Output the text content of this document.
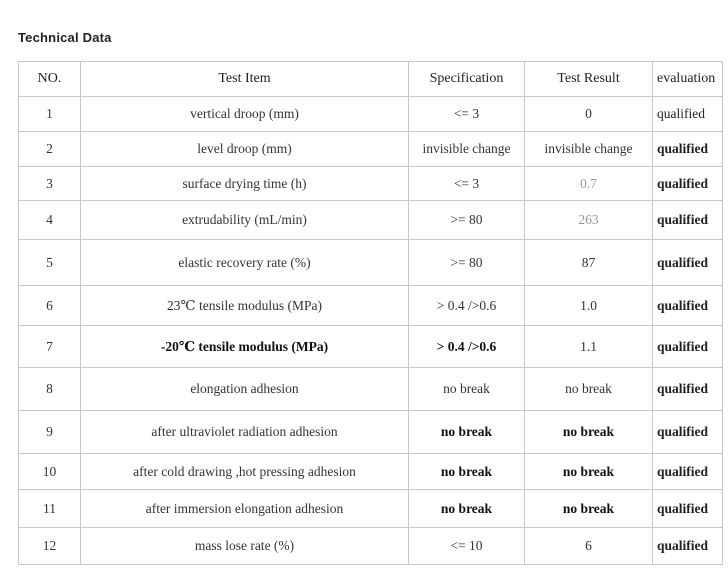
Technical Data
NO.	Test Item	Specification	Test Result	evaluation
1	vertical droop (mm)	<= 3	0	qualified
2	level droop (mm)	invisible change	invisible change	qualified
3	surface drying time (h)	<= 3	0.7	qualified
4	extrudability (mL/min)	>= 80	263	qualified
5	elastic recovery rate (%)	>= 80	87	qualified
6	23℃ tensile modulus (MPa)	> 0.4 />0.6	1.0	qualified
7	-20℃ tensile modulus (MPa)	> 0.4 />0.6	1.1	qualified
8	elongation adhesion	no break	no break	qualified
9	after ultraviolet radiation adhesion	no break	no break	qualified
10	after cold drawing ,hot pressing adhesion	no break	no break	qualified
11	after immersion elongation adhesion	no break	no break	qualified
12	mass lose rate (%)	<= 10	6	qualified
